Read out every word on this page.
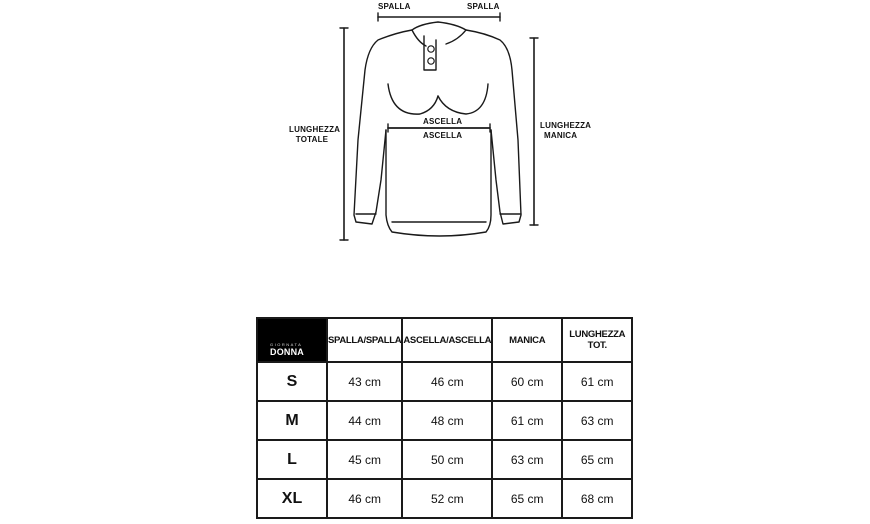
SPALLA	SPALLA
ASCELLA
ASCELLA
LUNGHEZZA
TOTALE
LUNGHEZZA
MANICA
GIORNATA
DONNA	SPALLA/SPALLA	ASCELLA/ASCELLA	MANICA	LUNGHEZZA TOT.
S	43 cm	46 cm	60 cm	61 cm
M	44 cm	48 cm	61 cm	63 cm
L	45 cm	50 cm	63 cm	65 cm
XL	46 cm	52 cm	65 cm	68 cm
